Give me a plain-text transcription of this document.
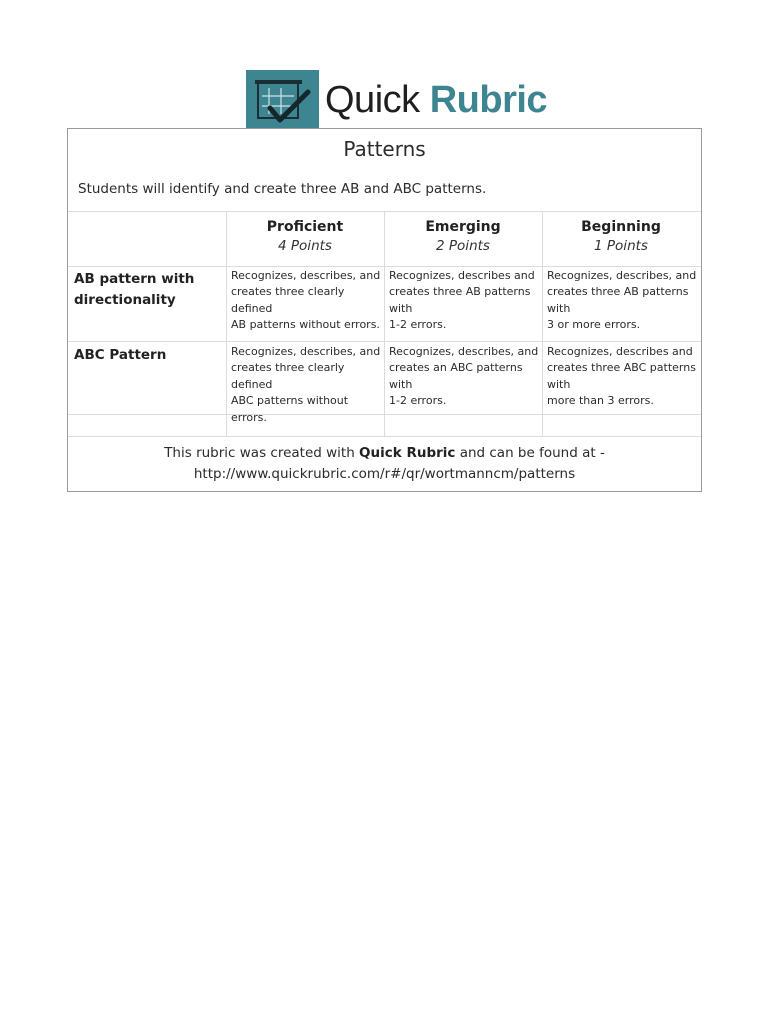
Quick Rubric
Patterns
Students will identify and create three AB and ABC patterns.
Proficient
4 Points
Emerging
2 Points
Beginning
1 Points
AB pattern with directionality
Recognizes, describes, and
creates three clearly defined
AB patterns without errors.
Recognizes, describes and
creates three AB patterns
with
1-2 errors.
Recognizes, describes, and
creates three AB patterns
with
3 or more errors.
ABC Pattern	Recognizes, describes, and
creates three clearly defined
ABC patterns without
errors.
Recognizes, describes, and
creates an ABC patterns
with
1-2 errors.
Recognizes, describes and
creates three ABC patterns
with
more than 3 errors.
This rubric was created with Quick Rubric and can be found at -
http://www.quickrubric.com/r#/qr/wortmanncm/patterns
